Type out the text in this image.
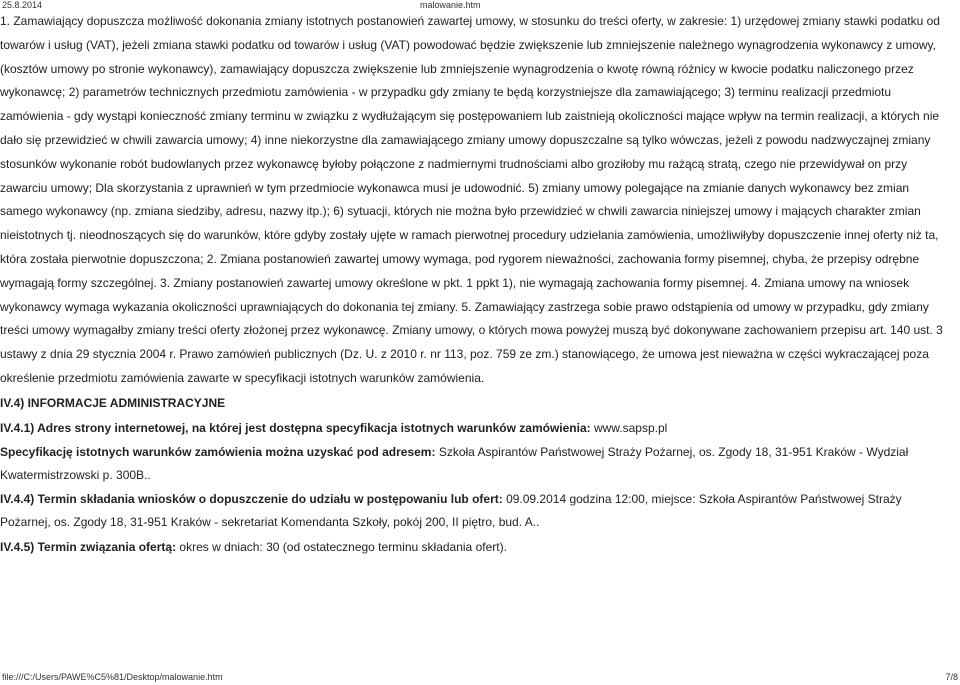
25.8.2014	malowanie.htm

1. Zamawiający dopuszcza możliwość dokonania zmiany istotnych postanowień zawartej umowy, w stosunku do treści oferty, w zakresie: 1) urzędowej zmiany stawki podatku od towarów i usług (VAT), jeżeli zmiana stawki podatku od towarów i usług (VAT) powodować będzie zwiększenie lub zmniejszenie należnego wynagrodzenia wykonawcy z umowy, (kosztów umowy po stronie wykonawcy), zamawiający dopuszcza zwiększenie lub zmniejszenie wynagrodzenia o kwotę równą różnicy w kwocie podatku naliczonego przez wykonawcę; 2) parametrów technicznych przedmiotu zamówienia - w przypadku gdy zmiany te będą korzystniejsze dla zamawiającego; 3) terminu realizacji przedmiotu zamówienia - gdy wystąpi konieczność zmiany terminu w związku z wydłużającym się postępowaniem lub zaistnieją okoliczności mające wpływ na termin realizacji, a których nie dało się przewidzieć w chwili zawarcia umowy; 4) inne niekorzystne dla zamawiającego zmiany umowy dopuszczalne są tylko wówczas, jeżeli z powodu nadzwyczajnej zmiany stosunków wykonanie robót budowlanych przez wykonawcę byłoby połączone z nadmiernymi trudnościami albo groziłoby mu rażącą stratą, czego nie przewidywał on przy zawarciu umowy; Dla skorzystania z uprawnień w tym przedmiocie wykonawca musi je udowodnić. 5) zmiany umowy polegające na zmianie danych wykonawcy bez zmian samego wykonawcy (np. zmiana siedziby, adresu, nazwy itp.); 6) sytuacji, których nie można było przewidzieć w chwili zawarcia niniejszej umowy i mających charakter zmian nieistotnych tj. nieodnoszących się do warunków, które gdyby zostały ujęte w ramach pierwotnej procedury udzielania zamówienia, umożliwiłyby dopuszczenie innej oferty niż ta, która została pierwotnie dopuszczona; 2. Zmiana postanowień zawartej umowy wymaga, pod rygorem nieważności, zachowania formy pisemnej, chyba, że przepisy odrębne wymagają formy szczególnej. 3. Zmiany postanowień zawartej umowy określone w pkt. 1 ppkt 1), nie wymagają zachowania formy pisemnej. 4. Zmiana umowy na wniosek wykonawcy wymaga wykazania okoliczności uprawniających do dokonania tej zmiany. 5. Zamawiający zastrzega sobie prawo odstąpienia od umowy w przypadku, gdy zmiany treści umowy wymagałby zmiany treści oferty złożonej przez wykonawcę. Zmiany umowy, o których mowa powyżej muszą być dokonywane zachowaniem przepisu art. 140 ust. 3 ustawy z dnia 29 stycznia 2004 r. Prawo zamówień publicznych (Dz. U. z 2010 r. nr 113, poz. 759 ze zm.) stanowiącego, że umowa jest nieważna w części wykraczającej poza określenie przedmiotu zamówienia zawarte w specyfikacji istotnych warunków zamówienia.

IV.4) INFORMACJE ADMINISTRACYJNE

IV.4.1) Adres strony internetowej, na której jest dostępna specyfikacja istotnych warunków zamówienia: www.sapsp.pl

Specyfikację istotnych warunków zamówienia można uzyskać pod adresem: Szkoła Aspirantów Państwowej Straży Pożarnej, os. Zgody 18, 31-951 Kraków - Wydział Kwatermistrzowski p. 300B..

IV.4.4) Termin składania wniosków o dopuszczenie do udziału w postępowaniu lub ofert: 09.09.2014 godzina 12:00, miejsce: Szkoła Aspirantów Państwowej Straży Pożarnej, os. Zgody 18, 31-951 Kraków - sekretariat Komendanta Szkoły, pokój 200, II piętro, bud. A..

IV.4.5) Termin związania ofertą: okres w dniach: 30 (od ostatecznego terminu składania ofert).

file:///C:/Users/PAWE%C5%81/Desktop/malowanie.htm	7/8
